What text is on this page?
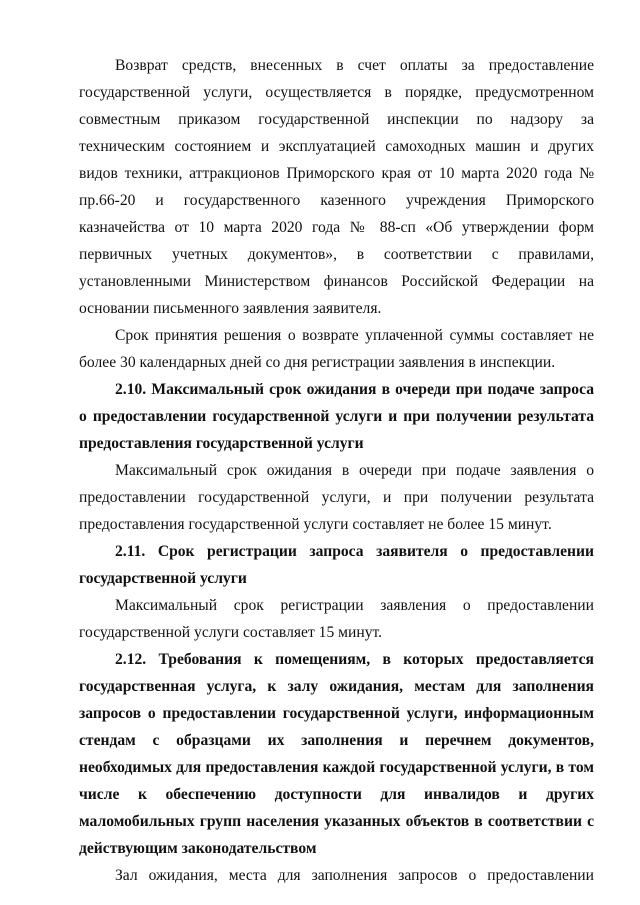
Возврат средств, внесенных в счет оплаты за предоставление государственной услуги, осуществляется в порядке, предусмотренном совместным приказом государственной инспекции по надзору за техническим состоянием и эксплуатацией самоходных машин и других видов техники, аттракционов Приморского края от 10 марта 2020 года № пр.66-20 и государственного казенного учреждения Приморского казначейства от 10 марта 2020 года № 88-сп «Об утверждении форм первичных учетных документов», в соответствии с правилами, установленными Министерством финансов Российской Федерации на основании письменного заявления заявителя.

Срок принятия решения о возврате уплаченной суммы составляет не более 30 календарных дней со дня регистрации заявления в инспекции.

2.10. Максимальный срок ожидания в очереди при подаче запроса о предоставлении государственной услуги и при получении результата предоставления государственной услуги

Максимальный срок ожидания в очереди при подаче заявления о предоставлении государственной услуги, и при получении результата предоставления государственной услуги составляет не более 15 минут.

2.11. Срок регистрации запроса заявителя о предоставлении государственной услуги

Максимальный срок регистрации заявления о предоставлении государственной услуги составляет 15 минут.

2.12. Требования к помещениям, в которых предоставляется государственная услуга, к залу ожидания, местам для заполнения запросов о предоставлении государственной услуги, информационным стендам с образцами их заполнения и перечнем документов, необходимых для предоставления каждой государственной услуги, в том числе к обеспечению доступности для инвалидов и других маломобильных групп населения указанных объектов в соответствии с действующим законодательством

Зал ожидания, места для заполнения запросов о предоставлении
